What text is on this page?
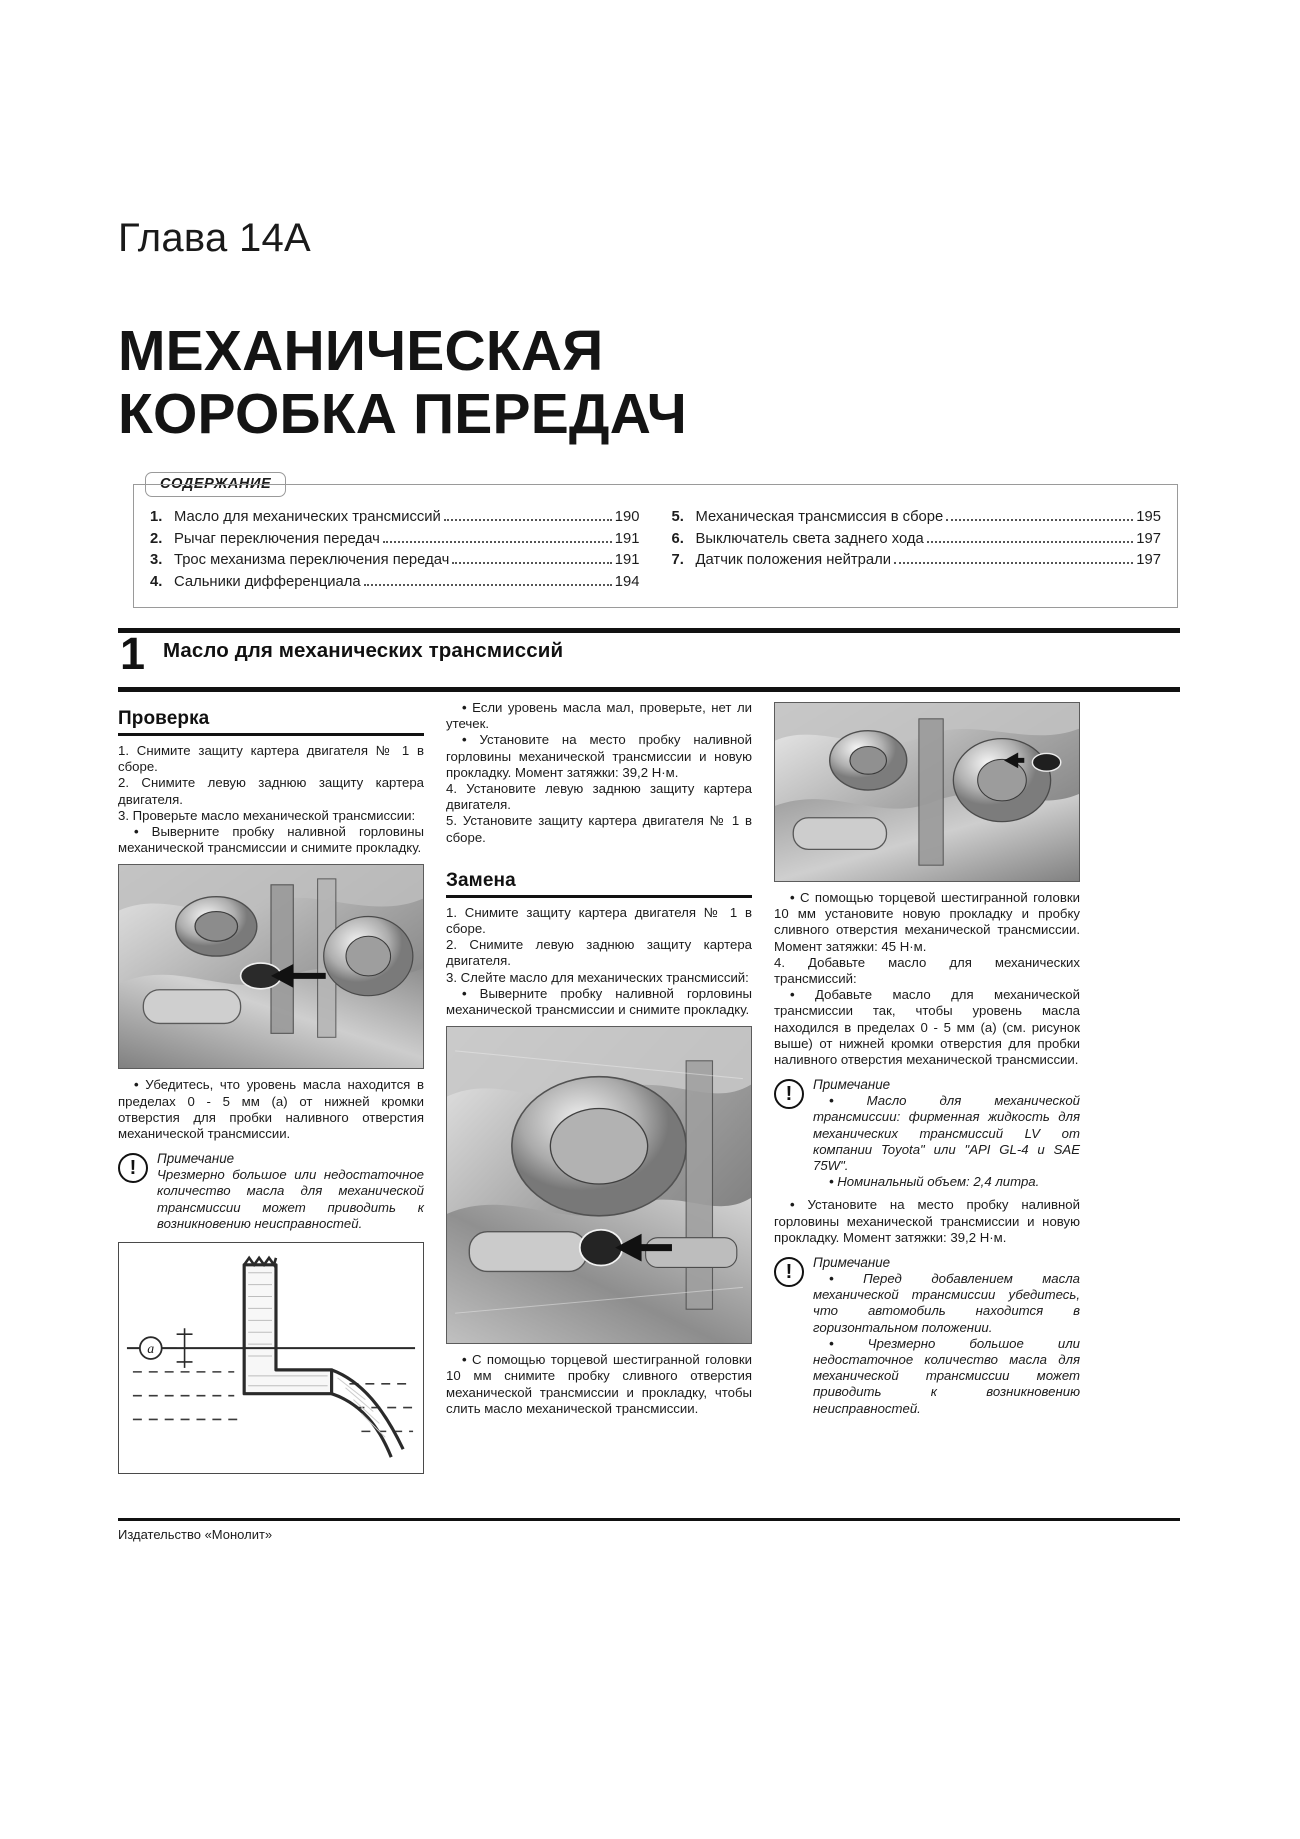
Глава 14А
МЕХАНИЧЕСКАЯ
КОРОБКА ПЕРЕДАЧ
СОДЕРЖАНИЕ
1. Масло для механических трансмиссий	190
2. Рычаг переключения передач	191
3. Трос механизма переключения передач	191
4. Сальники дифференциала	194
5. Механическая трансмиссия в сборе	195
6. Выключатель света заднего хода	197
7. Датчик положения нейтрали	197
1 Масло для механических трансмиссий
Проверка

1. Снимите защиту картера двигателя № 1 в сборе.

2. Снимите левую заднюю защиту картера двигателя.

3. Проверьте масло механической трансмиссии:

• Выверните пробку наливной горловины механической трансмиссии и снимите прокладку.

• Убедитесь, что уровень масла находится в пределах 0 - 5 мм (а) от нижней кромки отверстия для пробки наливного отверстия механической трансмиссии.

!	Примечание

Чрезмерно большое или недостаточное количество масла для механической трансмиссии может приводить к возникновению неисправностей.

а

• Если уровень масла мал, проверьте, нет ли утечек.

• Установите на место пробку наливной горловины механической трансмиссии и новую прокладку. Момент затяжки: 39,2 Н·м.

4. Установите левую заднюю защиту картера двигателя.

5. Установите защиту картера двигателя № 1 в сборе.

Замена

1. Снимите защиту картера двигателя № 1 в сборе.

2. Снимите левую заднюю защиту картера двигателя.

3. Слейте масло для механических трансмиссий:

• Выверните пробку наливной горловины механической трансмиссии и снимите прокладку.

• С помощью торцевой шестигранной головки 10 мм снимите пробку сливного отверстия механической трансмиссии и прокладку, чтобы слить масло механической трансмиссии.

• С помощью торцевой шестигранной головки 10 мм установите новую прокладку и пробку сливного отверстия механической трансмиссии. Момент затяжки: 45 Н·м.

4. Добавьте масло для механических трансмиссий:

• Добавьте масло для механической трансмиссии так, чтобы уровень масла находился в пределах 0 - 5 мм (а) (см. рисунок выше) от нижней кромки отверстия для пробки наливного отверстия механической трансмиссии.

!	Примечание

• Масло для механической трансмиссии: фирменная жидкость для механических трансмиссий LV от компании Toyota" или "API GL-4 и SAE 75W".

• Номинальный объем: 2,4 литра.

• Установите на место пробку наливной горловины механической трансмиссии и новую прокладку. Момент затяжки: 39,2 Н·м.

!	Примечание

• Перед добавлением масла механической трансмиссии убедитесь, что автомобиль находится в горизонтальном положении.

• Чрезмерно большое или недостаточное количество масла для механической трансмиссии может приводить к возникновению неисправностей.

Издательство «Монолит»
